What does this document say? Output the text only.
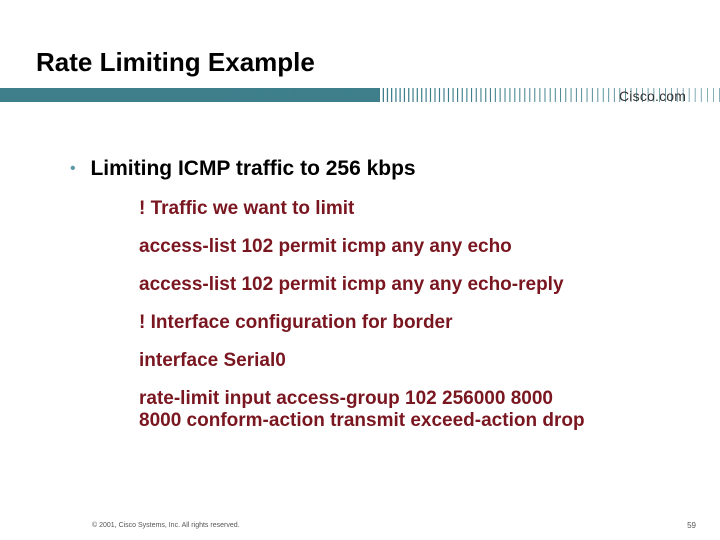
Rate Limiting Example
Cisco.com
• Limiting ICMP traffic to 256 kbps
! Traffic we want to limit
access-list 102 permit icmp any any echo
access-list 102 permit icmp any any echo-reply
! Interface configuration for border
interface Serial0
rate-limit input access-group 102 256000 8000
8000 conform-action transmit exceed-action drop
© 2001, Cisco Systems, Inc. All rights reserved.	59
